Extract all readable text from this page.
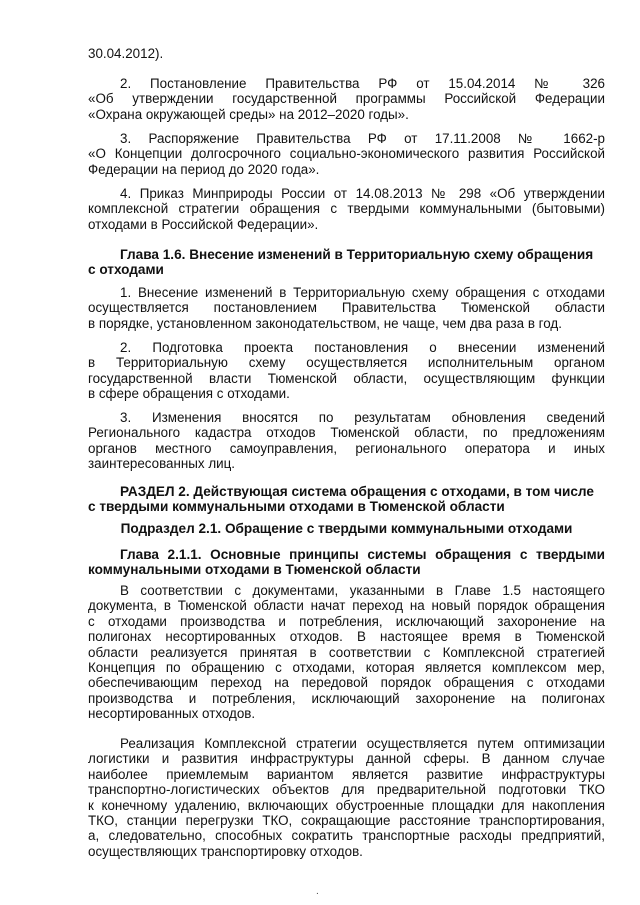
30.04.2012).
2. Постановление Правительства РФ от 15.04.2014 № 326
«Об утверждении государственной программы Российской Федерации
«Охрана окружающей среды» на 2012–2020 годы».
3. Распоряжение Правительства РФ от 17.11.2008 № 1662-р
«О Концепции долгосрочного социально-экономического развития Российской
Федерации на период до 2020 года».
4. Приказ Минприроды России от 14.08.2013 № 298 «Об утверждении
комплексной стратегии обращения с твердыми коммунальными (бытовыми)
отходами в Российской Федерации».
Глава 1.6. Внесение изменений в Территориальную схему обращения
с отходами
1. Внесение изменений в Территориальную схему обращения с отходами
осуществляется постановлением Правительства Тюменской области
в порядке, установленном законодательством, не чаще, чем два раза в год.
2. Подготовка проекта постановления о внесении изменений
в Территориальную схему осуществляется исполнительным органом
государственной власти Тюменской области, осуществляющим функции
в сфере обращения с отходами.
3. Изменения вносятся по результатам обновления сведений
Регионального кадастра отходов Тюменской области, по предложениям
органов местного самоуправления, регионального оператора и иных
заинтересованных лиц.
РАЗДЕЛ 2. Действующая система обращения с отходами, в том числе
с твердыми коммунальными отходами в Тюменской области
Подраздел 2.1. Обращение с твердыми коммунальными отходами
Глава 2.1.1. Основные принципы системы обращения с твердыми
коммунальными отходами в Тюменской области
В соответствии с документами, указанными в Главе 1.5 настоящего
документа, в Тюменской области начат переход на новый порядок обращения
с отходами производства и потребления, исключающий захоронение на
полигонах несортированных отходов. В настоящее время в Тюменской
области реализуется принятая в соответствии с Комплексной стратегией
Концепция по обращению с отходами, которая является комплексом мер,
обеспечивающим переход на передовой порядок обращения с отходами
производства и потребления, исключающий захоронение на полигонах
несортированных отходов.
Реализация Комплексной стратегии осуществляется путем оптимизации
логистики и развития инфраструктуры данной сферы. В данном случае
наиболее приемлемым вариантом является развитие инфраструктуры
транспортно-логистических объектов для предварительной подготовки ТКО
к конечному удалению, включающих обустроенные площадки для накопления
ТКО, станции перегрузки ТКО, сокращающие расстояние транспортирования,
а, следовательно, способных сократить транспортные расходы предприятий,
осуществляющих транспортировку отходов.
.
